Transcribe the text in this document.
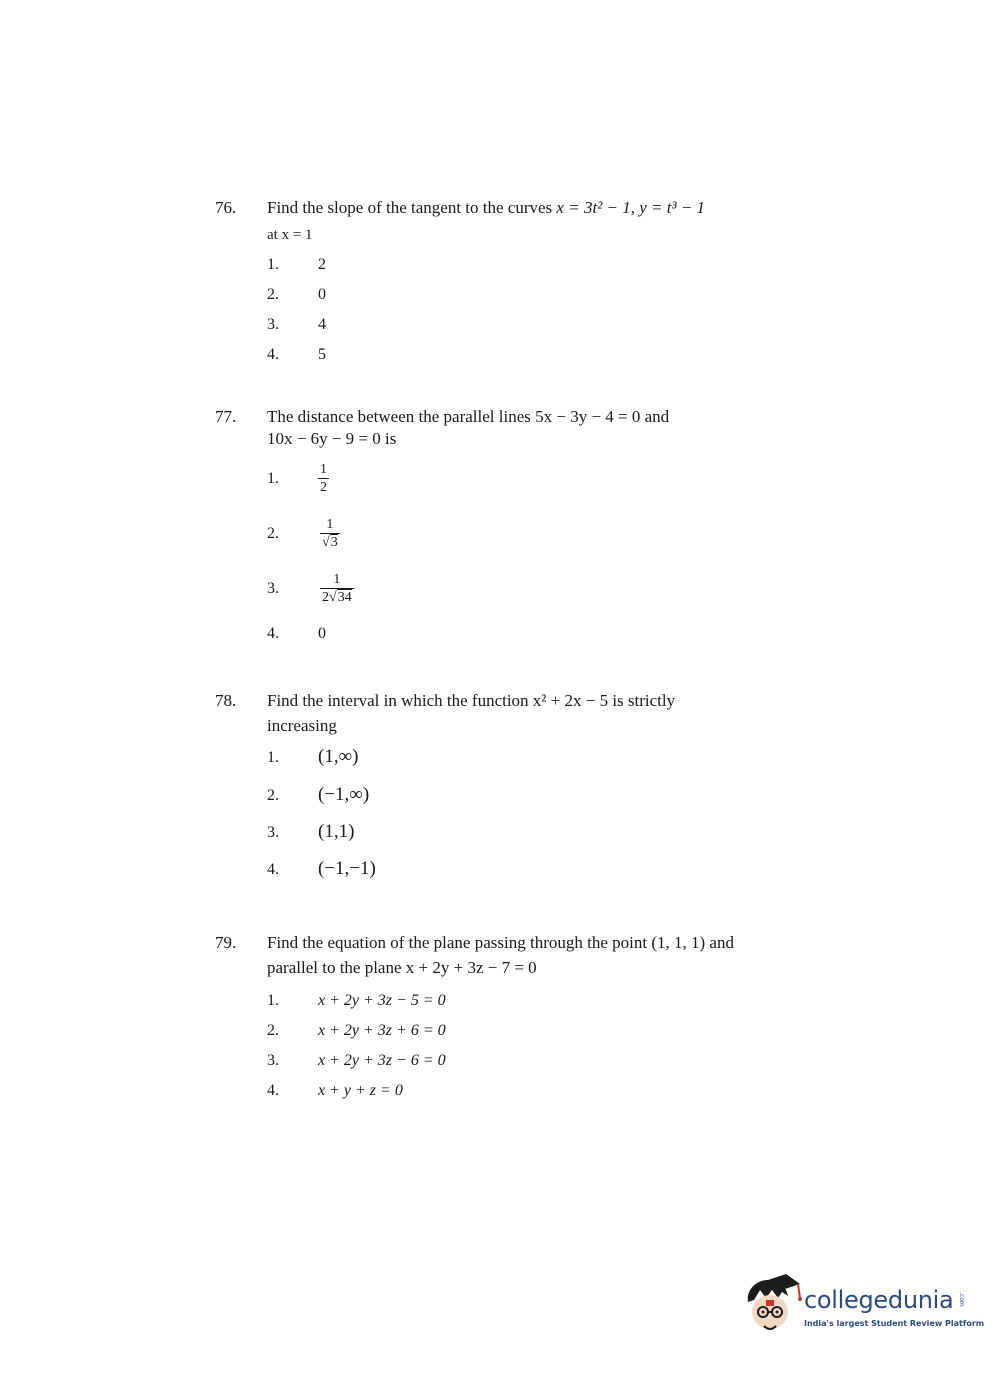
76. Find the slope of the tangent to the curves x = 3t² − 1, y = t³ − 1
at x = 1
1. 2
2. 0
3. 4
4. 5
77. The distance between the parallel lines 5x − 3y − 4 = 0 and
10x − 6y − 9 = 0 is
1.	$\frac{1}{2}$
2.	$\frac{1}{√3}$
3.	$\frac{1}{2√34}$
4. 0
78. Find the interval in which the function x² + 2x − 5 is strictly
increasing
1. (1,∞)
2. (−1,∞)
3. (1,1)
4. (−1,−1)
79. Find the equation of the plane passing through the point (1, 1, 1) and
parallel to the plane x + 2y + 3z − 7 = 0
1. x + 2y + 3z − 5 = 0
2. x + 2y + 3z + 6 = 0
3. x + 2y + 3z − 6 = 0
4. x + y + z = 0
collegedunia .com
India's largest Student Review Platform
